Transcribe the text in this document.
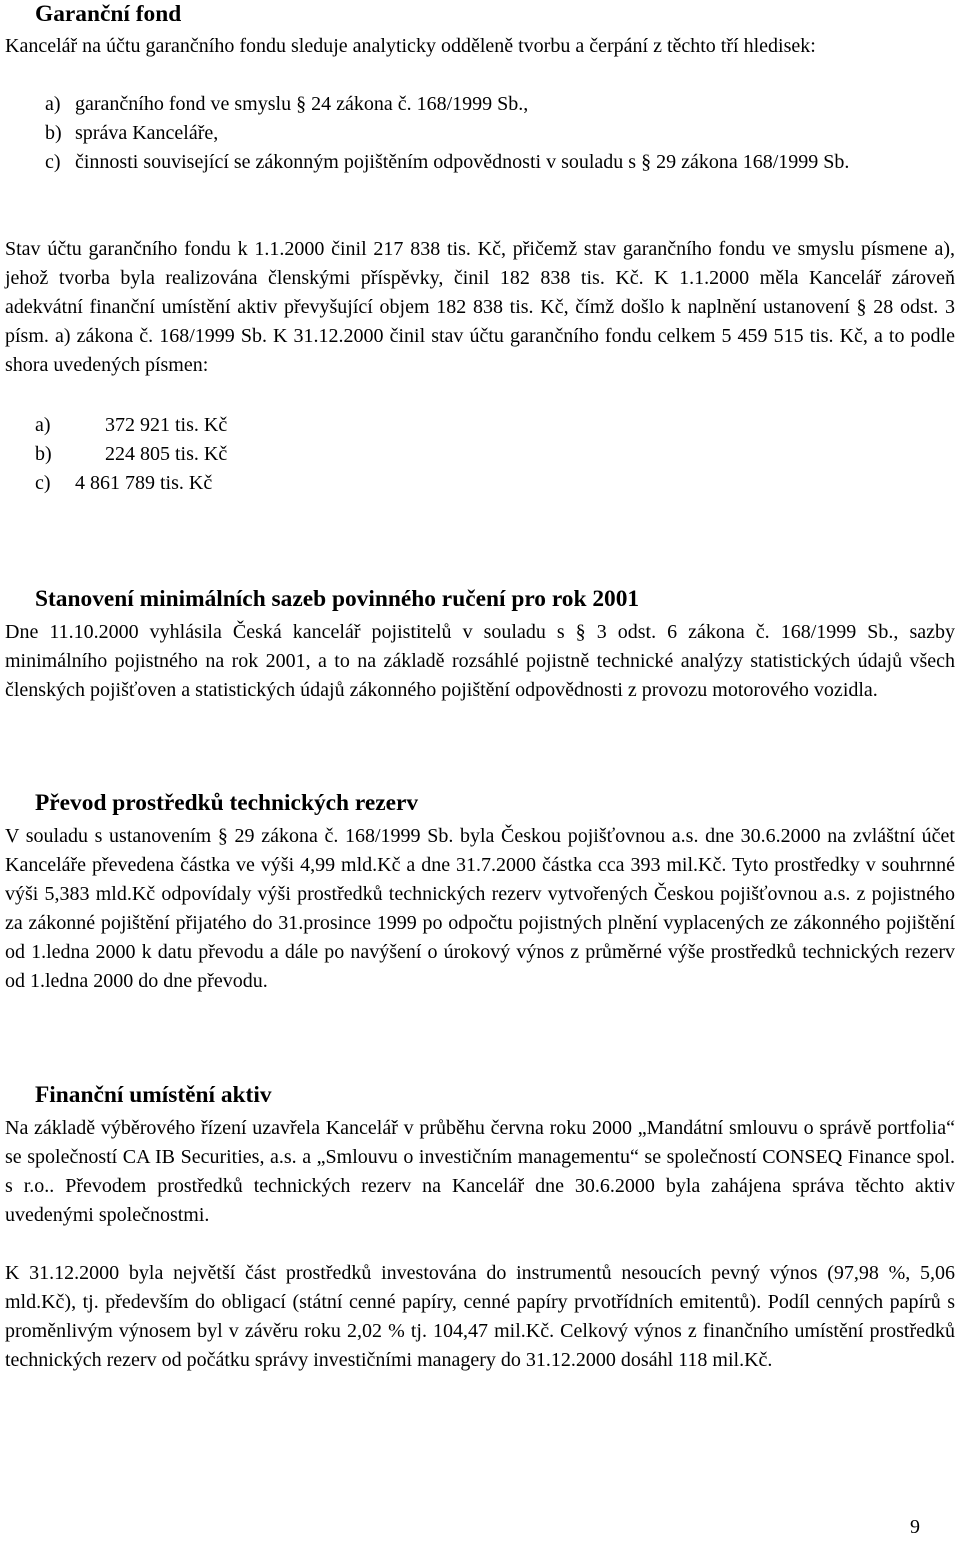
Garanční fond

Kancelář na účtu garančního fondu sleduje analyticky odděleně tvorbu a čerpání z těchto tří hledisek:

a) garančního fond ve smyslu § 24 zákona č. 168/1999 Sb.,
b) správa Kanceláře,
c) činnosti související se zákonným pojištěním odpovědnosti v souladu s § 29 zákona 168/1999 Sb.

Stav účtu garančního fondu k 1.1.2000 činil 217 838 tis. Kč, přičemž stav garančního fondu ve smyslu písmene a), jehož tvorba byla realizována členskými příspěvky, činil 182 838 tis. Kč. K 1.1.2000 měla Kancelář zároveň adekvátní finanční umístění aktiv převyšující objem 182 838 tis. Kč, čímž došlo k naplnění ustanovení § 28 odst. 3 písm. a) zákona č. 168/1999 Sb. K 31.12.2000 činil stav účtu garančního fondu celkem 5 459 515 tis. Kč, a to podle shora uvedených písmen:

a)	372 921 tis. Kč
b)	224 805 tis. Kč
c) 4 861 789 tis. Kč
Stanovení minimálních sazeb povinného ručení pro rok 2001

Dne 11.10.2000 vyhlásila Česká kancelář pojistitelů v souladu s § 3 odst. 6 zákona č. 168/1999 Sb., sazby minimálního pojistného na rok 2001, a to na základě rozsáhlé pojistně technické analýzy statistických údajů všech členských pojišťoven a statistických údajů zákonného pojištění odpovědnosti z provozu motorového vozidla.

Převod prostředků technických rezerv

V souladu s ustanovením § 29 zákona č. 168/1999 Sb. byla Českou pojišťovnou a.s. dne 30.6.2000 na zvláštní účet Kanceláře převedena částka ve výši 4,99 mld.Kč a dne 31.7.2000 částka cca 393 mil.Kč. Tyto prostředky v souhrnné výši 5,383 mld.Kč odpovídaly výši prostředků technických rezerv vytvořených Českou pojišťovnou a.s. z pojistného za zákonné pojištění přijatého do 31.prosince 1999 po odpočtu pojistných plnění vyplacených ze zákonného pojištění od 1.ledna 2000 k datu převodu a dále po navýšení o úrokový výnos z průměrné výše prostředků technických rezerv od 1.ledna 2000 do dne převodu.

Finanční umístění aktiv

Na základě výběrového řízení uzavřela Kancelář v průběhu června roku 2000 „Mandátní smlouvu o správě portfolia“ se společností CA IB Securities, a.s. a „Smlouvu o investičním managementu“ se společností CONSEQ Finance spol. s r.o.. Převodem prostředků technických rezerv na Kancelář dne 30.6.2000 byla zahájena správa těchto aktiv uvedenými společnostmi.

K 31.12.2000 byla největší část prostředků investována do instrumentů nesoucích pevný výnos (97,98 %, 5,06 mld.Kč), tj. především do obligací (státní cenné papíry, cenné papíry prvotřídních emitentů). Podíl cenných papírů s proměnlivým výnosem byl v závěru roku 2,02 % tj. 104,47 mil.Kč. Celkový výnos z finančního umístění prostředků technických rezerv od počátku správy investičními managery do 31.12.2000 dosáhl 118 mil.Kč.

9
